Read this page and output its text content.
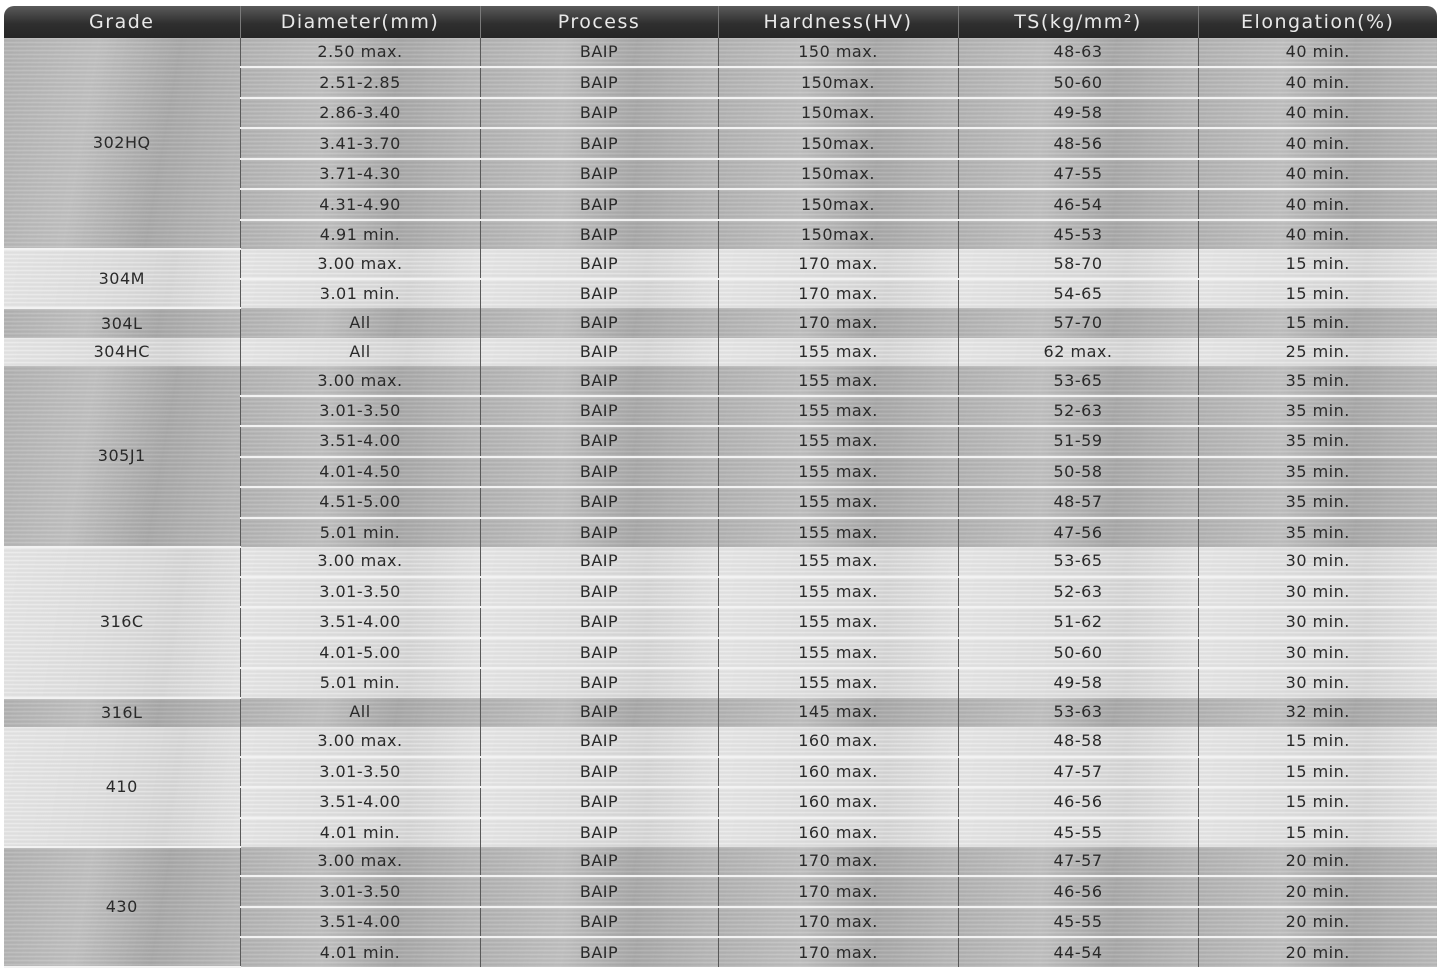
Grade	Diameter(mm)	Process	Hardness(HV)	TS(kg/mm²)	Elongation(%)
302HQ	2.50 max.	BAIP	150 max.	48-63	40 min.
	2.51-2.85	BAIP	150max.	50-60	40 min.
	2.86-3.40	BAIP	150max.	49-58	40 min.
	3.41-3.70	BAIP	150max.	48-56	40 min.
	3.71-4.30	BAIP	150max.	47-55	40 min.
	4.31-4.90	BAIP	150max.	46-54	40 min.
	4.91 min.	BAIP	150max.	45-53	40 min.
304M	3.00 max.	BAIP	170 max.	58-70	15 min.
	3.01 min.	BAIP	170 max.	54-65	15 min.
304L	All	BAIP	170 max.	57-70	15 min.
304HC	All	BAIP	155 max.	62 max.	25 min.
305J1	3.00 max.	BAIP	155 max.	53-65	35 min.
	3.01-3.50	BAIP	155 max.	52-63	35 min.
	3.51-4.00	BAIP	155 max.	51-59	35 min.
	4.01-4.50	BAIP	155 max.	50-58	35 min.
	4.51-5.00	BAIP	155 max.	48-57	35 min.
	5.01 min.	BAIP	155 max.	47-56	35 min.
316C	3.00 max.	BAIP	155 max.	53-65	30 min.
	3.01-3.50	BAIP	155 max.	52-63	30 min.
	3.51-4.00	BAIP	155 max.	51-62	30 min.
	4.01-5.00	BAIP	155 max.	50-60	30 min.
	5.01 min.	BAIP	155 max.	49-58	30 min.
316L	All	BAIP	145 max.	53-63	32 min.
410	3.00 max.	BAIP	160 max.	48-58	15 min.
	3.01-3.50	BAIP	160 max.	47-57	15 min.
	3.51-4.00	BAIP	160 max.	46-56	15 min.
	4.01 min.	BAIP	160 max.	45-55	15 min.
430	3.00 max.	BAIP	170 max.	47-57	20 min.
	3.01-3.50	BAIP	170 max.	46-56	20 min.
	3.51-4.00	BAIP	170 max.	45-55	20 min.
	4.01 min.	BAIP	170 max.	44-54	20 min.
